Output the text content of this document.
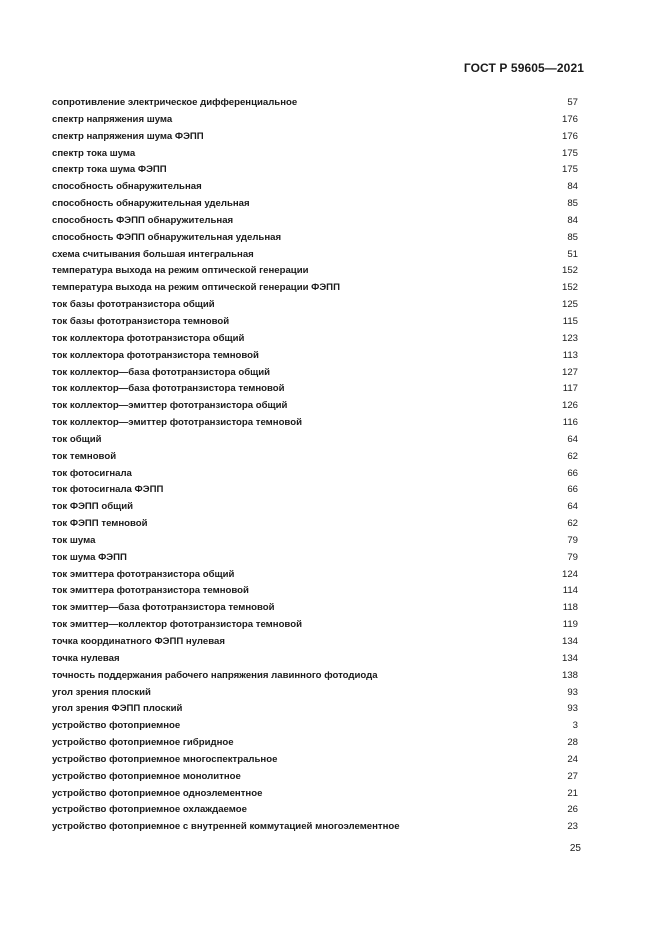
ГОСТ Р 59605—2021
сопротивление электрическое дифференциальное	57
спектр напряжения шума	176
спектр напряжения шума ФЭПП	176
спектр тока шума	175
спектр тока шума ФЭПП	175
способность обнаружительная	84
способность обнаружительная удельная	85
способность ФЭПП обнаружительная	84
способность ФЭПП обнаружительная удельная	85
схема считывания большая интегральная	51
температура выхода на режим оптической генерации	152
температура выхода на режим оптической генерации ФЭПП	152
ток базы фототранзистора общий	125
ток базы фототранзистора темновой	115
ток коллектора фототранзистора общий	123
ток коллектора фототранзистора темновой	113
ток коллектор—база фототранзистора общий	127
ток коллектор—база фототранзистора темновой	117
ток коллектор—эмиттер фототранзистора общий	126
ток коллектор—эмиттер фототранзистора темновой	116
ток общий	64
ток темновой	62
ток фотосигнала	66
ток фотосигнала ФЭПП	66
ток ФЭПП общий	64
ток ФЭПП темновой	62
ток шума	79
ток шума ФЭПП	79
ток эмиттера фототранзистора общий	124
ток эмиттера фототранзистора темновой	114
ток эмиттер—база фототранзистора темновой	118
ток эмиттер—коллектор фототранзистора темновой	119
точка координатного ФЭПП нулевая	134
точка нулевая	134
точность поддержания рабочего напряжения лавинного фотодиода	138
угол зрения плоский	93
угол зрения ФЭПП плоский	93
устройство фотоприемное	3
устройство фотоприемное гибридное	28
устройство фотоприемное многоспектральное	24
устройство фотоприемное монолитное	27
устройство фотоприемное одноэлементное	21
устройство фотоприемное охлаждаемое	26
устройство фотоприемное с внутренней коммутацией многоэлементное	23
25
